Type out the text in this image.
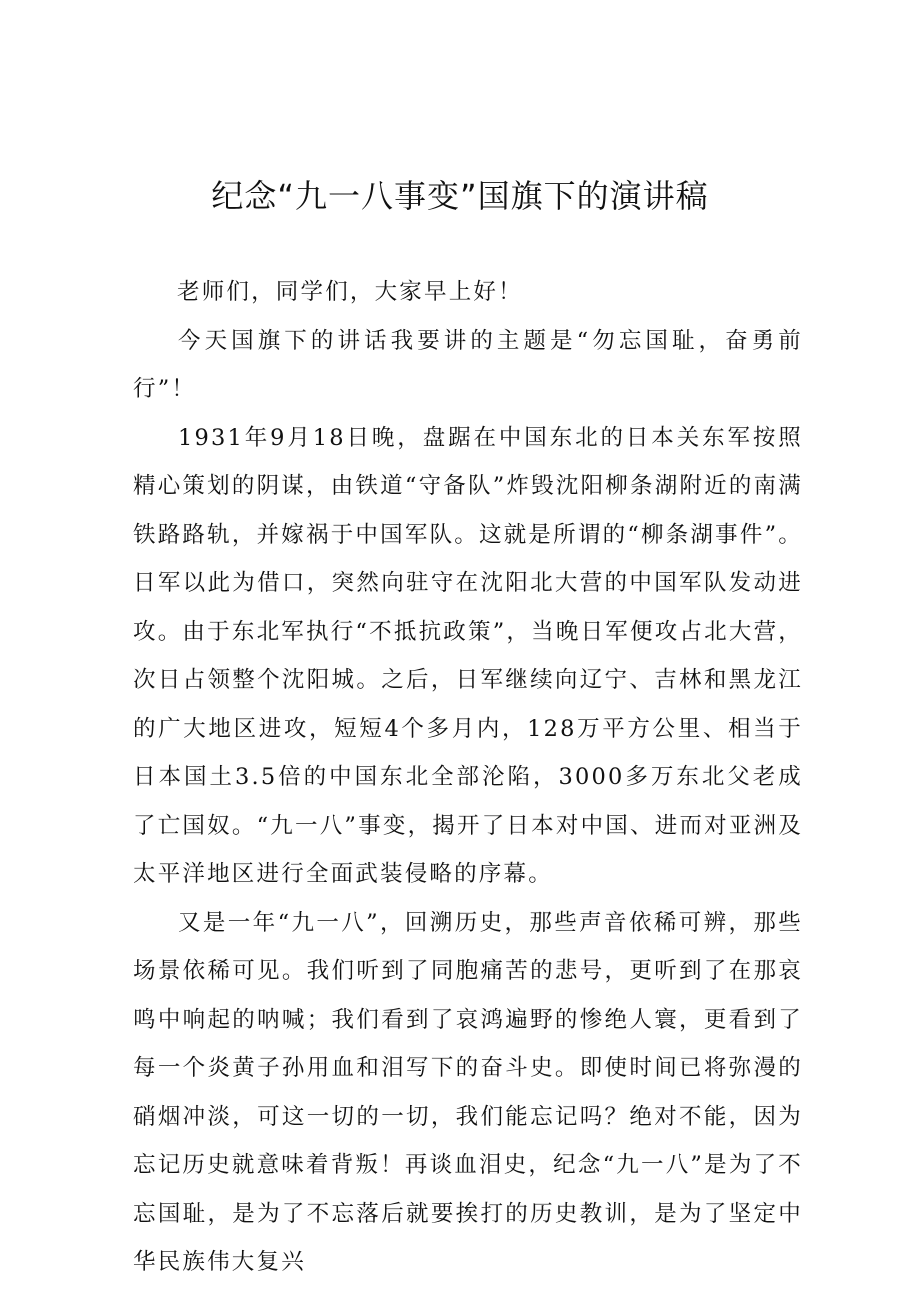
纪念“九一八事变”国旗下的演讲稿

老师们，同学们，大家早上好！

今天国旗下的讲话我要讲的主题是“勿忘国耻，奋勇前行”！

1931年9月18日晚，盘踞在中国东北的日本关东军按照精心策划的阴谋，由铁道“守备队”炸毁沈阳柳条湖附近的南满铁路路轨，并嫁祸于中国军队。这就是所谓的“柳条湖事件”。日军以此为借口，突然向驻守在沈阳北大营的中国军队发动进攻。由于东北军执行“不抵抗政策”，当晚日军便攻占北大营，次日占领整个沈阳城。之后，日军继续向辽宁、吉林和黑龙江的广大地区进攻，短短4个多月内，128万平方公里、相当于日本国土3.5倍的中国东北全部沦陷，3000多万东北父老成了亡国奴。“九一八”事变，揭开了日本对中国、进而对亚洲及太平洋地区进行全面武装侵略的序幕。

又是一年“九一八”，回溯历史，那些声音依稀可辨，那些场景依稀可见。我们听到了同胞痛苦的悲号，更听到了在那哀鸣中响起的呐喊；我们看到了哀鸿遍野的惨绝人寰，更看到了每一个炎黄子孙用血和泪写下的奋斗史。即使时间已将弥漫的硝烟冲淡，可这一切的一切，我们能忘记吗？绝对不能，因为忘记历史就意味着背叛！再谈血泪史，纪念“九一八”是为了不忘国耻，是为了不忘落后就要挨打的历史教训，是为了坚定中华民族伟大复兴
